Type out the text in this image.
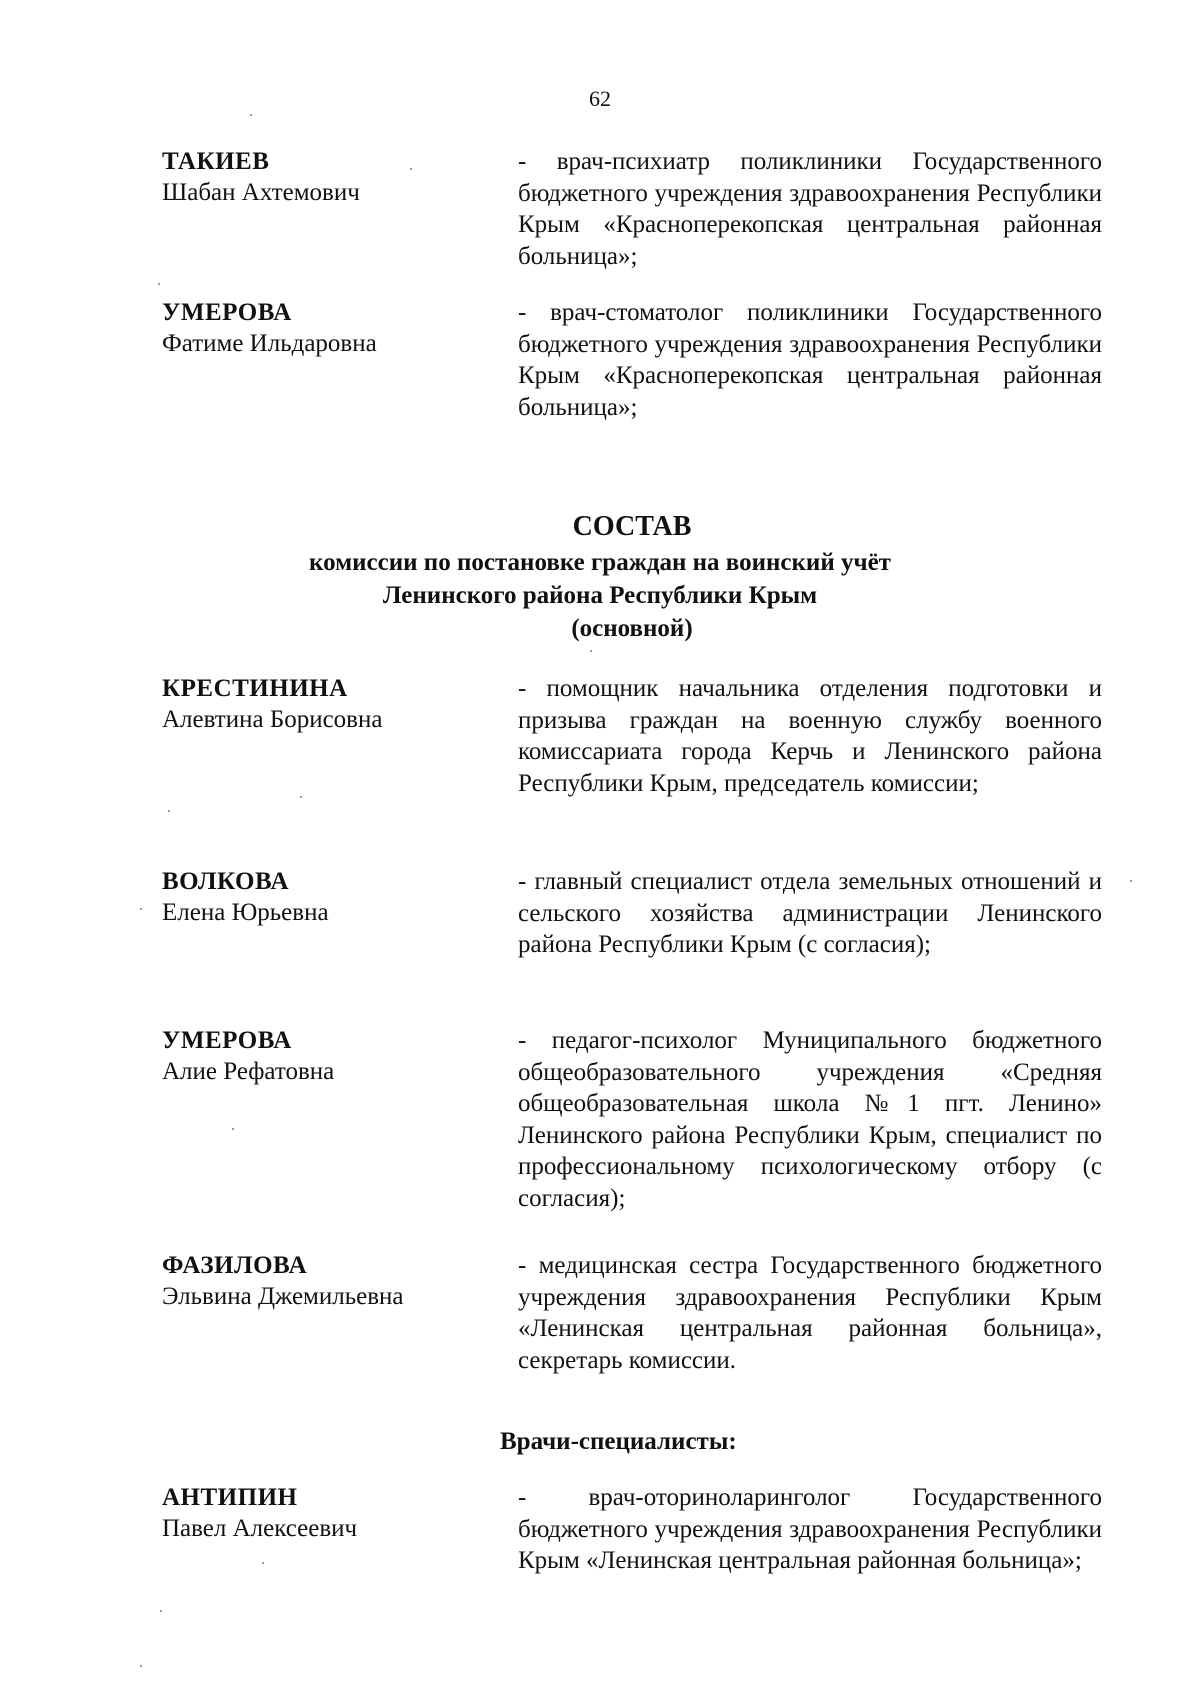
62
ТАКИЕВ
Шабан Ахтемович
- врач-психиатр поликлиники Государственного бюджетного учреждения здравоохранения Республики Крым «Красноперекопская центральная районная больница»;
УМЕРОВА
Фатиме Ильдаровна
- врач-стоматолог поликлиники Государственного бюджетного учреждения здравоохранения Республики Крым «Красноперекопская центральная районная больница»;
СОСТАВ
комиссии по постановке граждан на воинский учёт
Ленинского района Республики Крым
(основной)
КРЕСТИНИНА
Алевтина Борисовна
- помощник начальника отделения подготовки и призыва граждан на военную службу военного комиссариата города Керчь и Ленинского района Республики Крым, председатель комиссии;
ВОЛКОВА
Елена Юрьевна
- главный специалист отдела земельных отношений и сельского хозяйства администрации Ленинского района Республики Крым (с согласия);
УМЕРОВА
Алие Рефатовна
- педагог-психолог Муниципального бюджетного общеобразовательного учреждения «Средняя общеобразовательная школа №1 пгт. Ленино» Ленинского района Республики Крым, специалист по профессиональному психологическому отбору (с согласия);
ФАЗИЛОВА
Эльвина Джемильевна
- медицинская сестра Государственного бюджетного учреждения здравоохранения Республики Крым «Ленинская центральная районная больница», секретарь комиссии.
Врачи-специалисты:
АНТИПИН
Павел Алексеевич
- врач-оториноларинголог Государственного бюджетного учреждения здравоохранения Республики Крым «Ленинская центральная районная больница»;
